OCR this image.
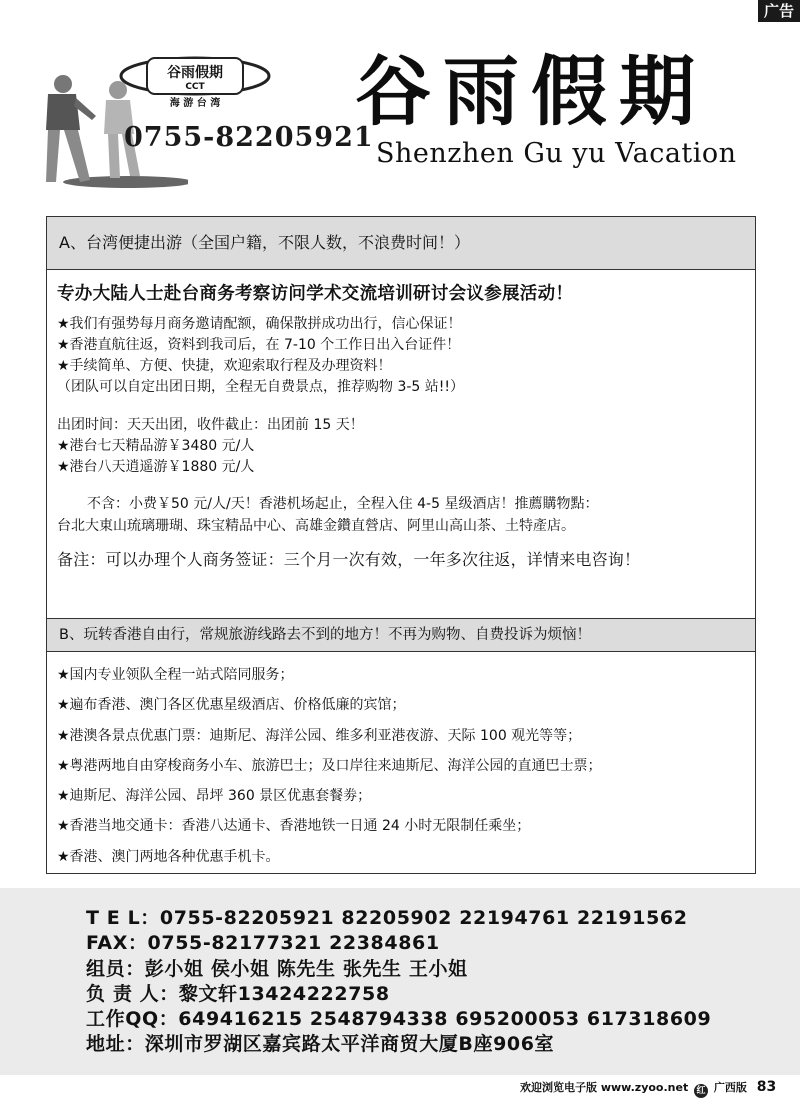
广告
谷雨假期
CCT
海 游 台 湾
0755-82205921
谷雨假期
Shenzhen Gu yu Vacation
A、台湾便捷出游（全国户籍，不限人数，不浪费时间！）
专办大陆人士赴台商务考察访问学术交流培训研讨会议参展活动！
★我们有强势每月商务邀请配额，确保散拼成功出行，信心保证！
★香港直航往返，资料到我司后，在 7-10 个工作日出入台证件！
★手续简单、方便、快捷，欢迎索取行程及办理资料！
（团队可以自定出团日期，全程无自费景点，推荐购物 3-5 站!!）
出团时间：天天出团，收件截止：出团前 15 天！
★港台七天精品游￥3480 元/人
★港台八天逍遥游￥1880 元/人
不含：小费￥50 元/人/天！香港机场起止，全程入住 4-5 星级酒店！推薦購物點：
台北大東山琉璃珊瑚、珠宝精品中心、高雄金鑽直營店、阿里山高山茶、土特產店。
备注：可以办理个人商务签证：三个月一次有效，一年多次往返，详情来电咨询！
B、玩转香港自由行，常规旅游线路去不到的地方！不再为购物、自费投诉为烦恼！
★国内专业领队全程一站式陪同服务；
★遍布香港、澳门各区优惠星级酒店、价格低廉的宾馆；
★港澳各景点优惠门票：迪斯尼、海洋公园、维多利亚港夜游、天际 100 观光等等；
★粤港两地自由穿梭商务小车、旅游巴士；及口岸往来迪斯尼、海洋公园的直通巴士票；
★迪斯尼、海洋公园、昂坪 360 景区优惠套餐劵；
★香港当地交通卡：香港八达通卡、香港地铁一日通 24 小时无限制任乘坐；
★香港、澳门两地各种优惠手机卡。
T E L：0755-82205921 82205902 22194761 22191562
FAX：0755-82177321 22384861
组员：彭小姐 侯小姐 陈先生 张先生 王小姐
负 责 人：黎文轩13424222758
工作QQ：649416215 2548794338 695200053 617318609
地址：深圳市罗湖区嘉宾路太平洋商贸大厦B座906室
欢迎浏览电子版 www.zyoo.net 红 广西版 83
